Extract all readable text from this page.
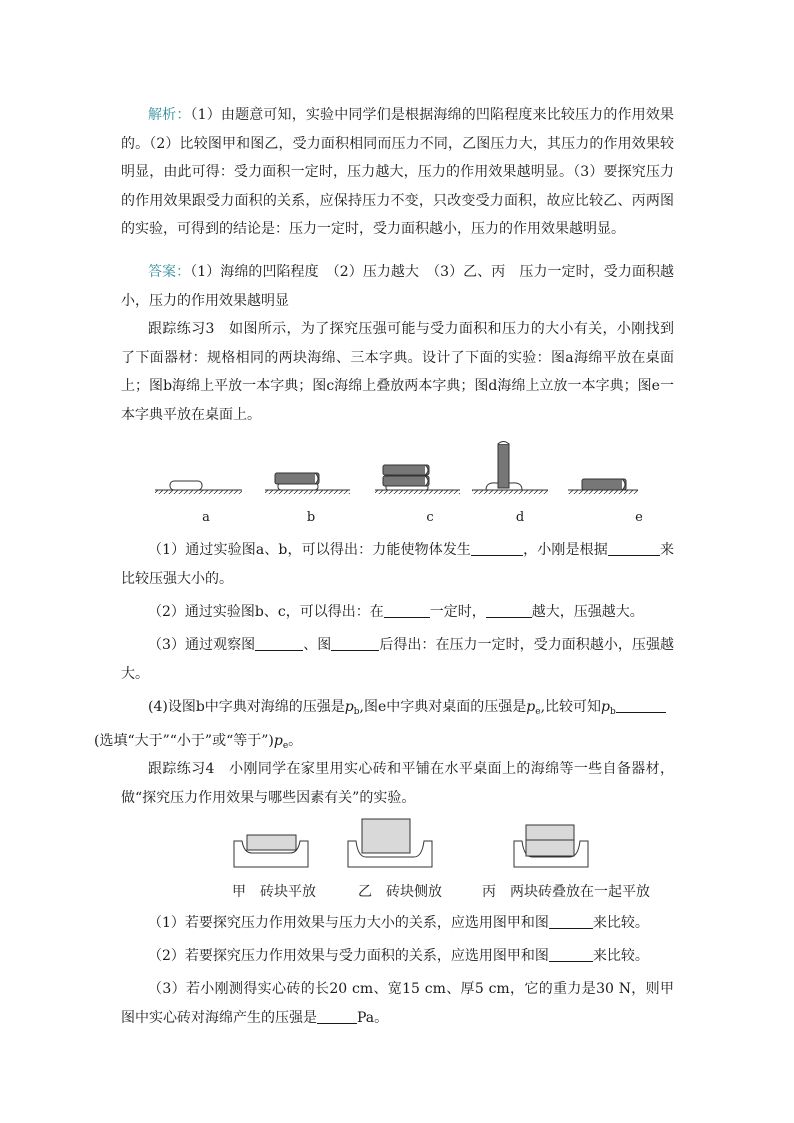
解析：（1）由题意可知，实验中同学们是根据海绵的凹陷程度来比较压力的作用效果的。（2）比较图甲和图乙，受力面积相同而压力不同，乙图压力大，其压力的作用效果较明显，由此可得：受力面积一定时，压力越大，压力的作用效果越明显。（3）要探究压力的作用效果跟受力面积的关系，应保持压力不变，只改变受力面积，故应比较乙、丙两图的实验，可得到的结论是：压力一定时，受力面积越小，压力的作用效果越明显。

答案：（1）海绵的凹陷程度　（2）压力越大　（3）乙、丙　压力一定时，受力面积越小，压力的作用效果越明显

跟踪练习3　如图所示，为了探究压强可能与受力面积和压力的大小有关，小刚找到了下面器材：规格相同的两块海绵、三本字典。设计了下面的实验：图a海绵平放在桌面上；图b海绵上平放一本字典；图c海绵上叠放两本字典；图d海绵上立放一本字典；图e一本字典平放在桌面上。

a	b	c	d	e

（1）通过实验图a、b，可以得出：力能使物体发生	，小刚是根据	来比较压强大小的。

（2）通过实验图b、c，可以得出：在	一定时，	越大，压强越大。

（3）通过观察图	、图	后得出：在压力一定时，受力面积越小，压强越大。

(4)设图b中字典对海绵的压强是$p_b$,图e中字典对桌面的压强是$p_e$,比较可知$p_b$
(选填“大于”“小于”或“等于$”)p_e$。

跟踪练习4　小刚同学在家里用实心砖和平铺在水平桌面上的海绵等一些自备器材，做“探究压力作用效果与哪些因素有关”的实验。

甲　砖块平放	乙　砖块侧放	丙　两块砖叠放在一起平放

（1）若要探究压力作用效果与压力大小的关系，应选用图甲和图	来比较。

（2）若要探究压力作用效果与受力面积的关系，应选用图甲和图	来比较。

（3）若小刚测得实心砖的长20 cm、宽15 cm、厚5 cm，它的重力是30 N，则甲图中实心砖对海绵产生的压强是	Pa。
